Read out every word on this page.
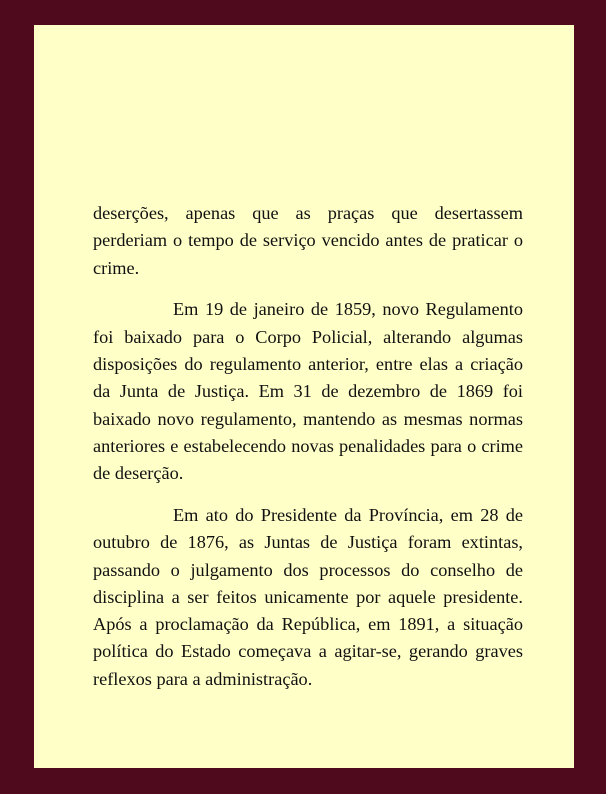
deserções, apenas que as praças que desertassem perderiam o tempo de serviço vencido antes de praticar o crime.

Em 19 de janeiro de 1859, novo Regulamento foi baixado para o Corpo Policial, alterando algumas disposições do regulamento anterior, entre elas a criação da Junta de Justiça. Em 31 de dezembro de 1869 foi baixado novo regulamento, mantendo as mesmas normas anteriores e estabelecendo novas penalidades para o crime de deserção.

Em ato do Presidente da Província, em 28 de outubro de 1876, as Juntas de Justiça foram extintas, passando o julgamento dos processos do conselho de disciplina a ser feitos unicamente por aquele presidente. Após a proclamação da República, em 1891, a situação política do Estado começava a agitar-se, gerando graves reflexos para a administração.
